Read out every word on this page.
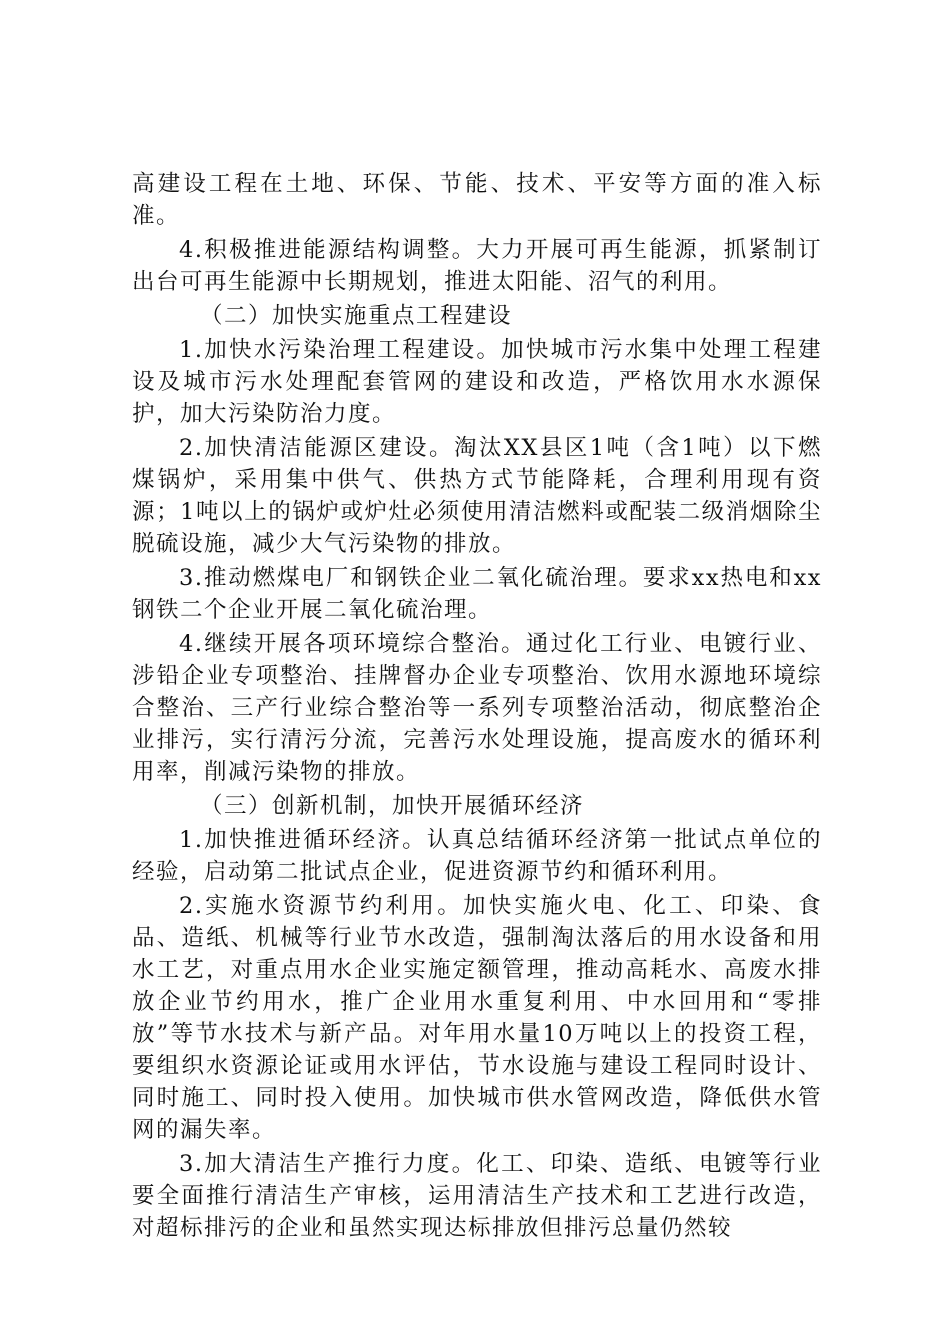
高建设工程在土地、环保、节能、技术、平安等方面的准入标准。

4.积极推进能源结构调整。大力开展可再生能源，抓紧制订出台可再生能源中长期规划，推进太阳能、沼气的利用。

（二）加快实施重点工程建设

1.加快水污染治理工程建设。加快城市污水集中处理工程建设及城市污水处理配套管网的建设和改造，严格饮用水水源保护，加大污染防治力度。

2.加快清洁能源区建设。淘汰XX县区1吨（含1吨）以下燃煤锅炉，采用集中供气、供热方式节能降耗，合理利用现有资源；1吨以上的锅炉或炉灶必须使用清洁燃料或配装二级消烟除尘脱硫设施，减少大气污染物的排放。

3.推动燃煤电厂和钢铁企业二氧化硫治理。要求xx热电和xx钢铁二个企业开展二氧化硫治理。

4.继续开展各项环境综合整治。通过化工行业、电镀行业、涉铅企业专项整治、挂牌督办企业专项整治、饮用水源地环境综合整治、三产行业综合整治等一系列专项整治活动，彻底整治企业排污，实行清污分流，完善污水处理设施，提高废水的循环利用率，削减污染物的排放。

（三）创新机制，加快开展循环经济

1.加快推进循环经济。认真总结循环经济第一批试点单位的经验，启动第二批试点企业，促进资源节约和循环利用。

2.实施水资源节约利用。加快实施火电、化工、印染、食品、造纸、机械等行业节水改造，强制淘汰落后的用水设备和用水工艺，对重点用水企业实施定额管理，推动高耗水、高废水排放企业节约用水，推广企业用水重复利用、中水回用和“零排放”等节水技术与新产品。对年用水量10万吨以上的投资工程，要组织水资源论证或用水评估，节水设施与建设工程同时设计、同时施工、同时投入使用。加快城市供水管网改造，降低供水管网的漏失率。

3.加大清洁生产推行力度。化工、印染、造纸、电镀等行业要全面推行清洁生产审核，运用清洁生产技术和工艺进行改造，对超标排污的企业和虽然实现达标排放但排污总量仍然较
